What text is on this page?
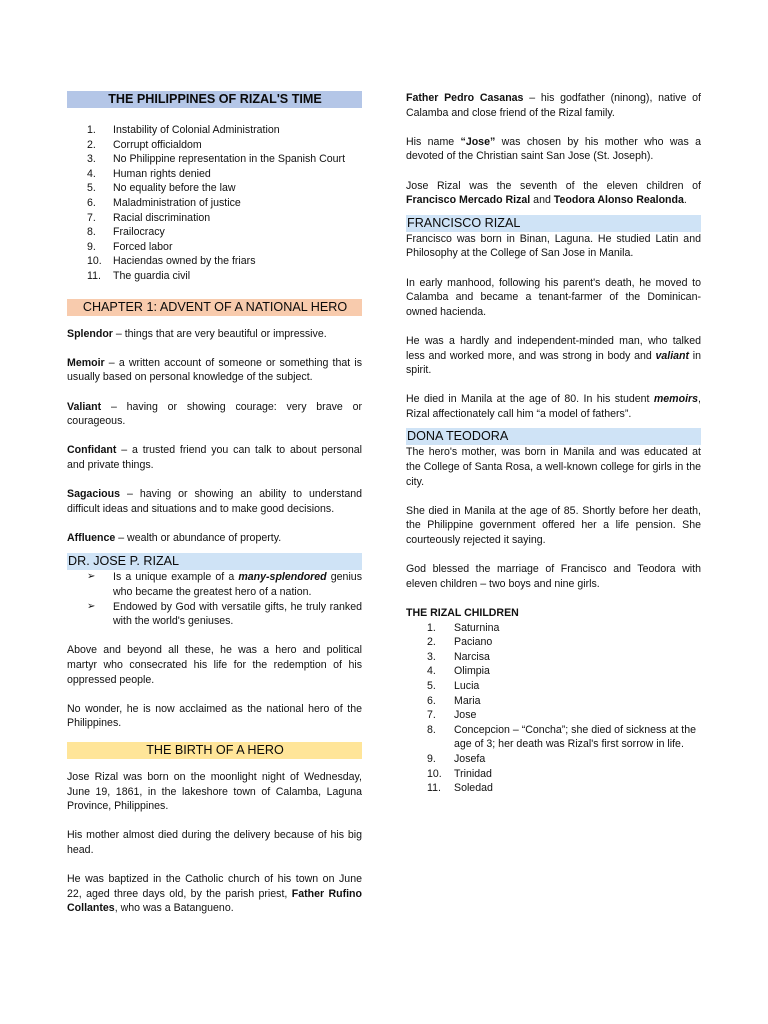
THE PHILIPPINES OF RIZAL'S TIME
1.	Instability of Colonial Administration
2.	Corrupt officialdom
3.	No Philippine representation in the Spanish Court
4.	Human rights denied
5.	No equality before the law
6.	Maladministration of justice
7.	Racial discrimination
8.	Frailocracy
9.	Forced labor
10.	Haciendas owned by the friars
11.	The guardia civil
CHAPTER 1: ADVENT OF A NATIONAL HERO

Splendor – things that are very beautiful or impressive.

Memoir – a written account of someone or something that is usually based on personal knowledge of the subject.

Valiant – having or showing courage: very brave or courageous.

Confidant – a trusted friend you can talk to about personal and private things.

Sagacious – having or showing an ability to understand difficult ideas and situations and to make good decisions.

Affluence – wealth or abundance of property.

DR. JOSE P. RIZAL
➢ Is a unique example of a many-splendored genius who became the greatest hero of a nation.
➢ Endowed by God with versatile gifts, he truly ranked with the world's geniuses.

Above and beyond all these, he was a hero and political martyr who consecrated his life for the redemption of his oppressed people.

No wonder, he is now acclaimed as the national hero of the Philippines.

THE BIRTH OF A HERO

Jose Rizal was born on the moonlight night of Wednesday, June 19, 1861, in the lakeshore town of Calamba, Laguna Province, Philippines.

His mother almost died during the delivery because of his big head.

He was baptized in the Catholic church of his town on June 22, aged three days old, by the parish priest, Father Rufino Collantes, who was a Batangueno.

Father Pedro Casanas – his godfather (ninong), native of Calamba and close friend of the Rizal family.

His name “Jose” was chosen by his mother who was a devoted of the Christian saint San Jose (St. Joseph).

Jose Rizal was the seventh of the eleven children of Francisco Mercado Rizal and Teodora Alonso Realonda.

FRANCISCO RIZAL

Francisco was born in Binan, Laguna. He studied Latin and Philosophy at the College of San Jose in Manila.

In early manhood, following his parent's death, he moved to Calamba and became a tenant-farmer of the Dominican-owned hacienda.

He was a hardly and independent-minded man, who talked less and worked more, and was strong in body and valiant in spirit.

He died in Manila at the age of 80. In his student memoirs, Rizal affectionately call him “a model of fathers”.

DONA TEODORA

The hero's mother, was born in Manila and was educated at the College of Santa Rosa, a well-known college for girls in the city.

She died in Manila at the age of 85. Shortly before her death, the Philippine government offered her a life pension. She courteously rejected it saying.

God blessed the marriage of Francisco and Teodora with eleven children – two boys and nine girls.

THE RIZAL CHILDREN
1.	Saturnina
2.	Paciano
3.	Narcisa
4.	Olimpia
5.	Lucia
6.	Maria
7.	Jose
8.	Concepcion – “Concha”; she died of sickness at the age of 3; her death was Rizal's first sorrow in life.
9.	Josefa
10.	Trinidad
11.	Soledad
